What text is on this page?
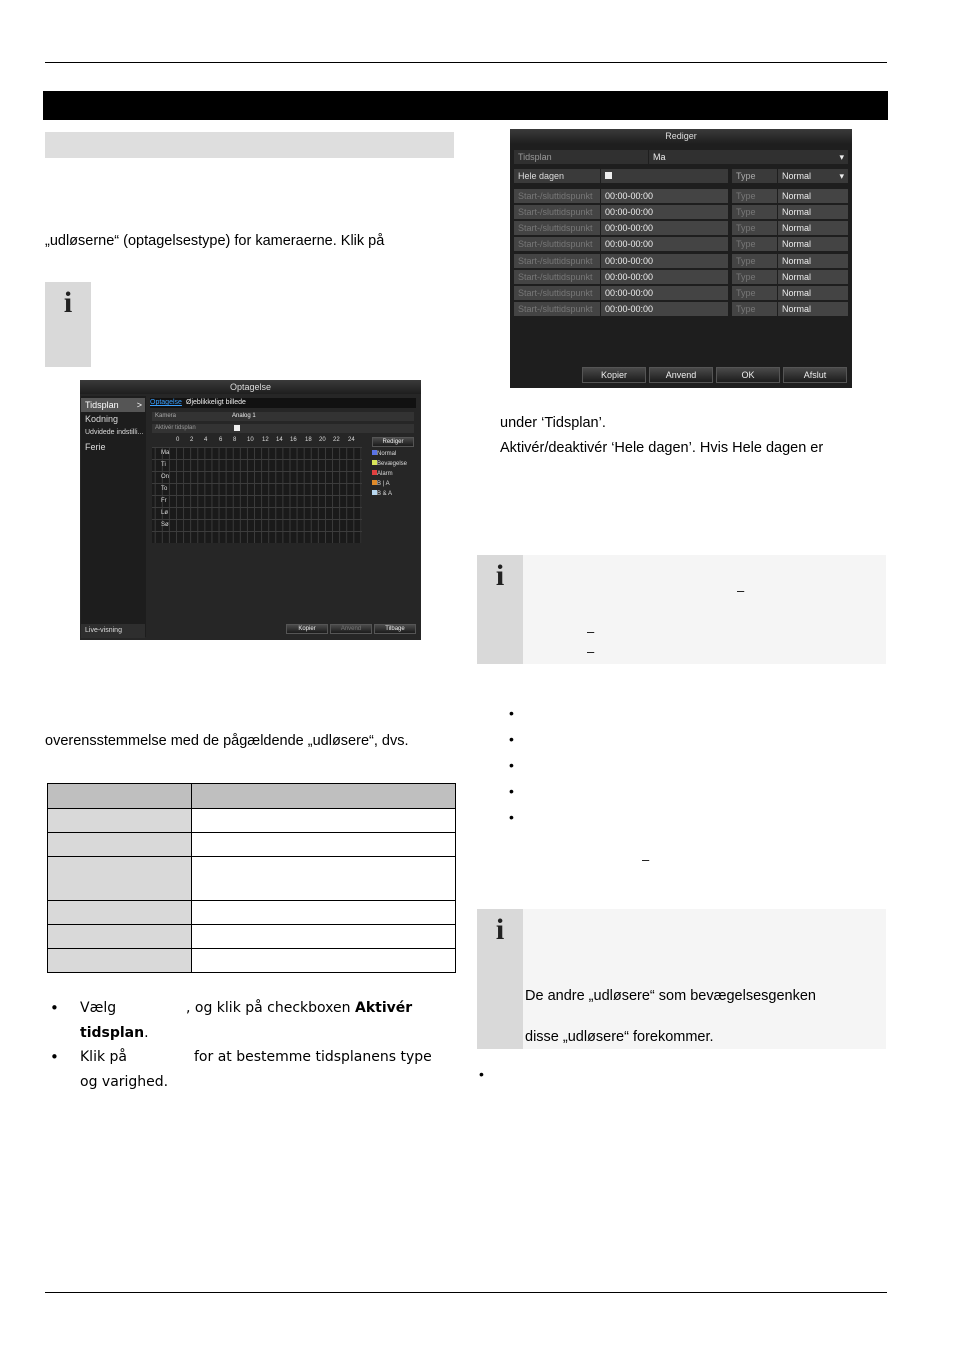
„udløserne“ (optagelsestype) for kameraerne. Klik på
i
Optagelse
Tidsplan >
Kodning
Udvidede indstilli...
Ferie
Live-visning
Optagelse Øjeblikkeligt billede
Kamera	Analog 1
Aktivér tidsplan
0 2 4 6 8 10 12 14 16 18 20 22 24
Ma
Ti
On
To
Fr
Lø
Sø
Rediger
Normal
Bevægelse
Alarm
B | A
B & A
Kopier	Anvend	Tilbage
overensstemmelse med de pågældende „udløsere“, dvs.

• Vælg	, og klik på checkboxen Aktivér
tidsplan.
• Klik på	for at bestemme tidsplanens type
og varighed.
Rediger
Tidsplan	Ma	▾
Hele dagen	Type	Normal	▾
Start-/sluttidspunkt	00:00-00:00	Type	Normal
Start-/sluttidspunkt	00:00-00:00	Type	Normal
Start-/sluttidspunkt	00:00-00:00	Type	Normal
Start-/sluttidspunkt	00:00-00:00	Type	Normal
Start-/sluttidspunkt	00:00-00:00	Type	Normal
Start-/sluttidspunkt	00:00-00:00	Type	Normal
Start-/sluttidspunkt	00:00-00:00	Type	Normal
Start-/sluttidspunkt	00:00-00:00	Type	Normal
Kopier	Anvend	OK	Afslut
under ‘Tidsplan’.
Aktivér/deaktivér ‘Hele dagen’. Hvis Hele dagen er
i	–
–
–
•
•
•
•
•
–
i
De andre „udløsere“ som bevægelsesgenken
disse „udløsere“ forekommer.
•
